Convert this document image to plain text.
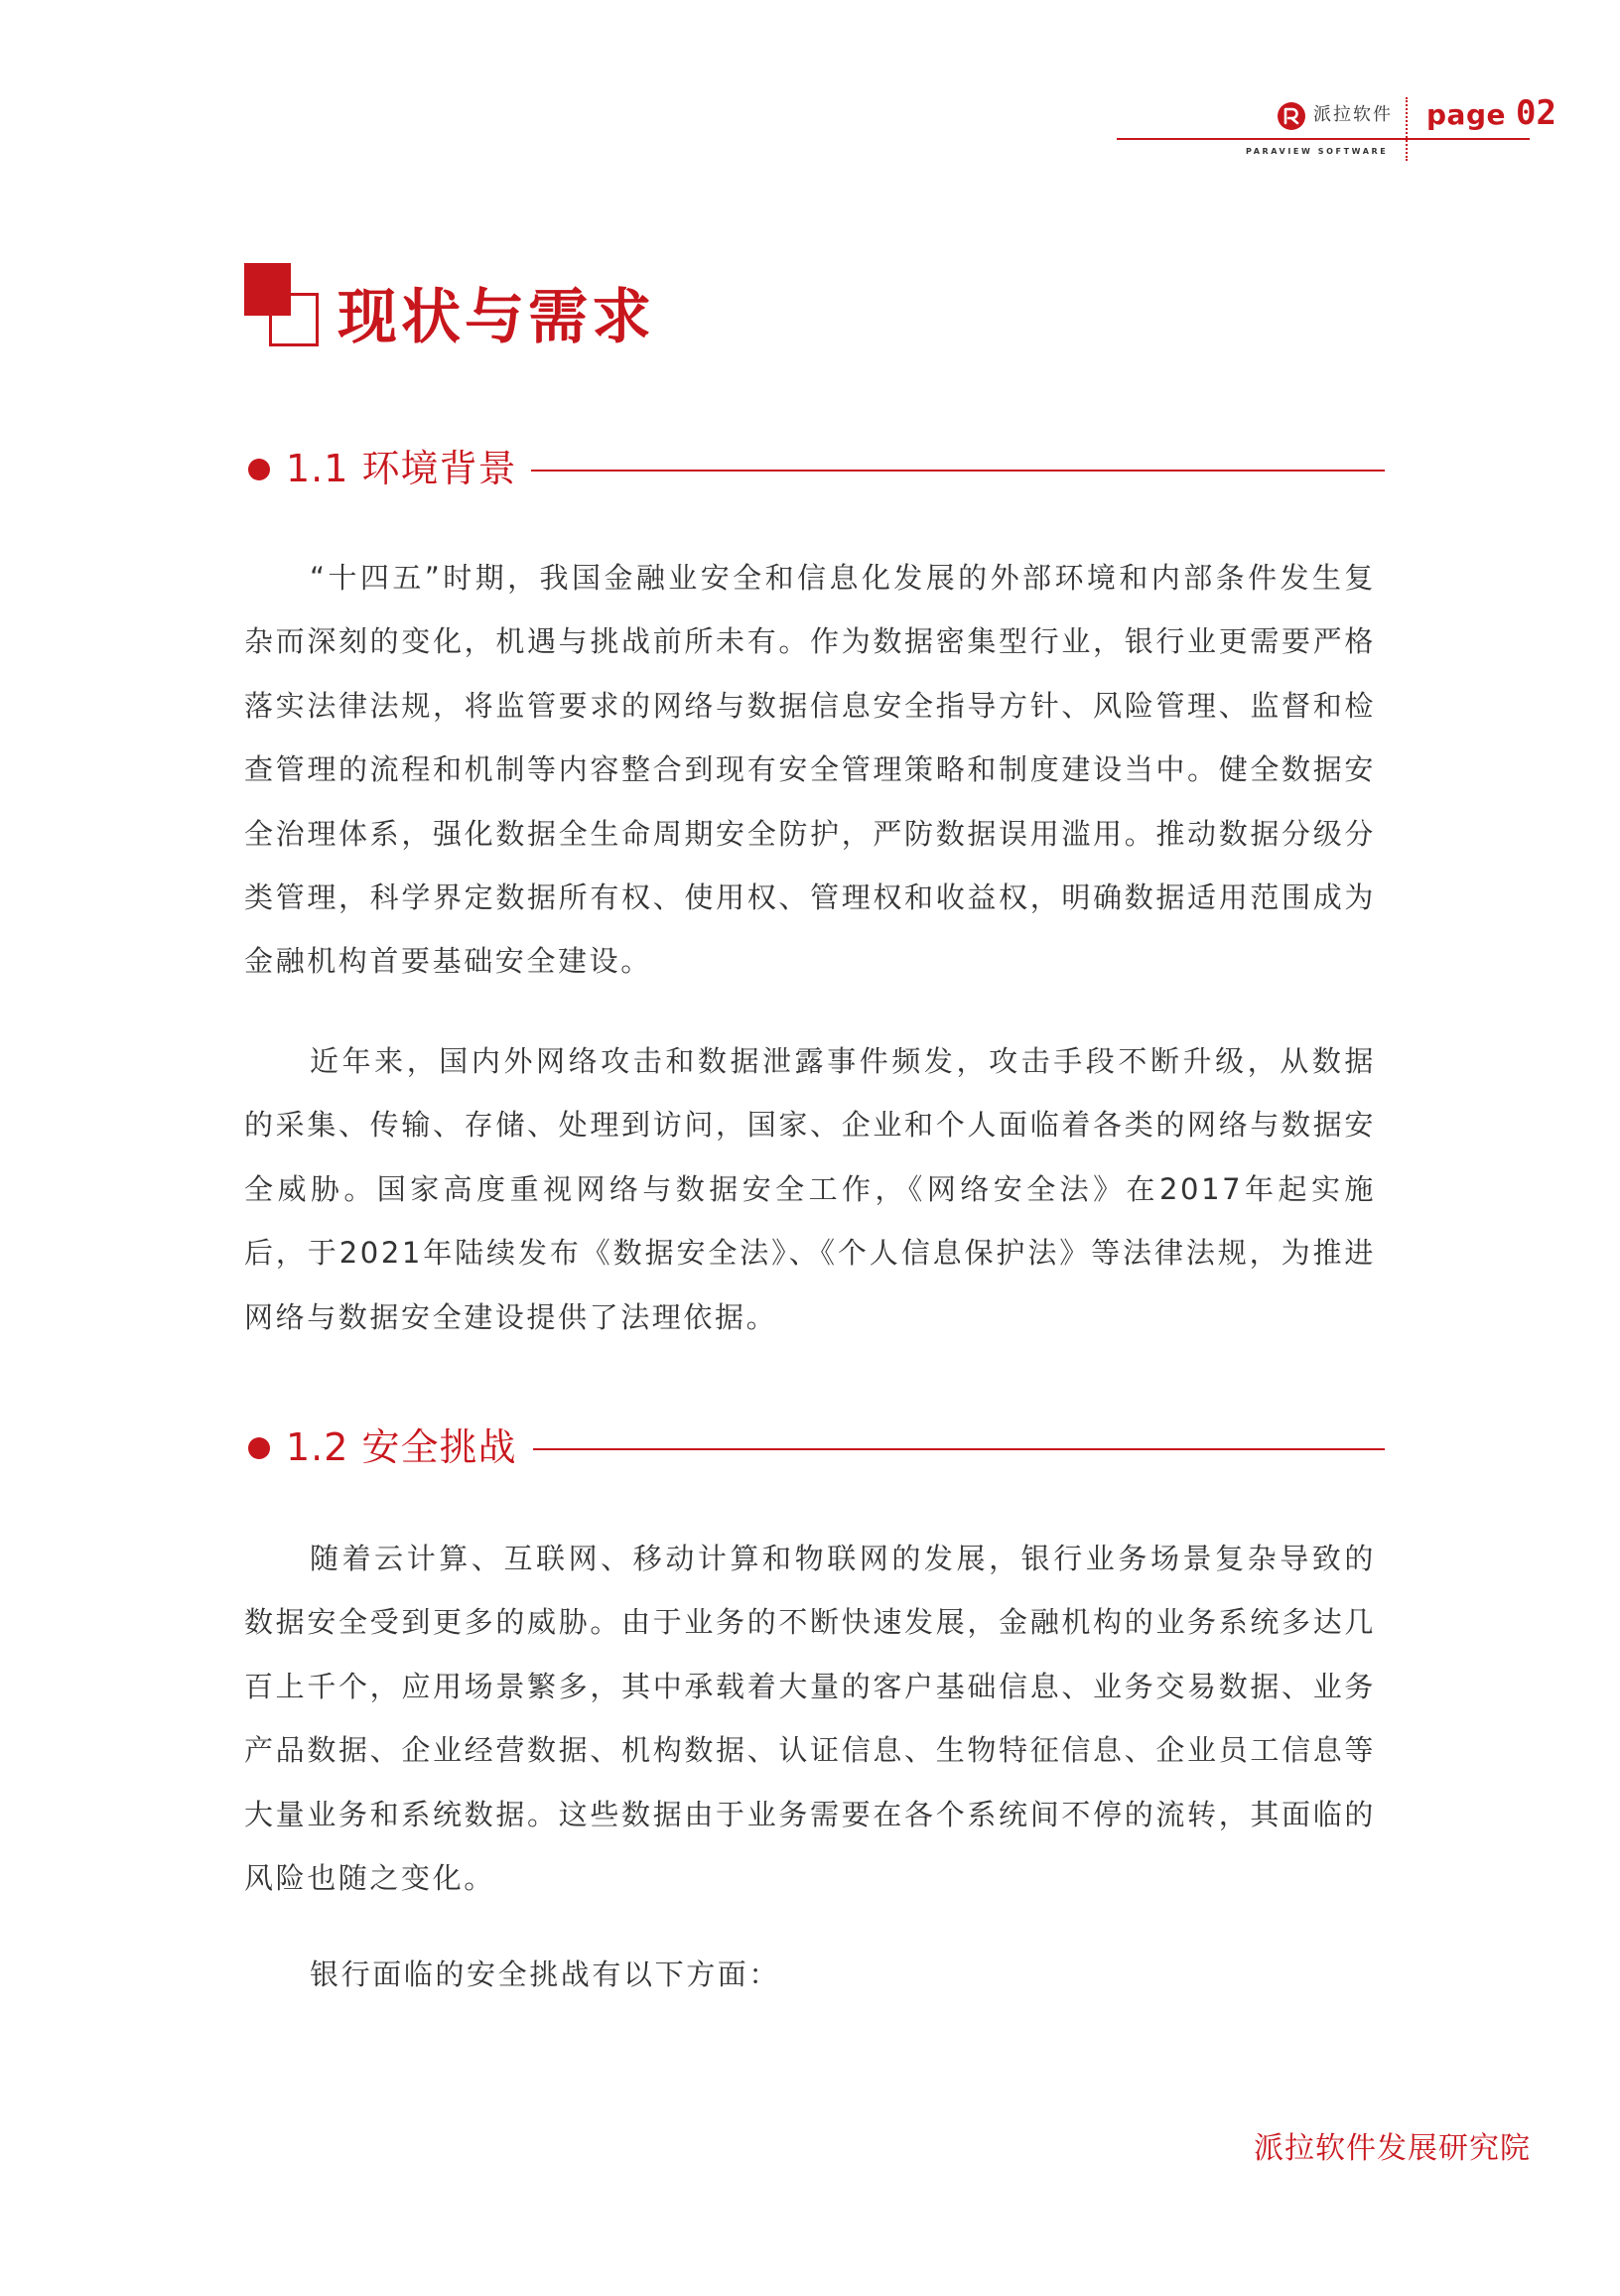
派拉软件 page 02
PARAVIEW SOFTWARE
现状与需求
1.1 环境背景
“十四五”时期，我国金融业安全和信息化发展的外部环境和内部条件发生复杂而深刻的变化，机遇与挑战前所未有。作为数据密集型行业，银行业更需要严格落实法律法规，将监管要求的网络与数据信息安全指导方针、风险管理、监督和检查管理的流程和机制等内容整合到现有安全管理策略和制度建设当中。健全数据安全治理体系，强化数据全生命周期安全防护，严防数据误用滥用。推动数据分级分类管理，科学界定数据所有权、使用权、管理权和收益权，明确数据适用范围成为金融机构首要基础安全建设。
近年来，国内外网络攻击和数据泄露事件频发，攻击手段不断升级，从数据的采集、传输、存储、处理到访问，国家、企业和个人面临着各类的网络与数据安全威胁。国家高度重视网络与数据安全工作，《网络安全法》在2017年起实施后，于2021年陆续发布《数据安全法》、《个人信息保护法》等法律法规，为推进网络与数据安全建设提供了法理依据。
1.2 安全挑战
随着云计算、互联网、移动计算和物联网的发展，银行业务场景复杂导致的数据安全受到更多的威胁。由于业务的不断快速发展，金融机构的业务系统多达几百上千个，应用场景繁多，其中承载着大量的客户基础信息、业务交易数据、业务产品数据、企业经营数据、机构数据、认证信息、生物特征信息、企业员工信息等大量业务和系统数据。这些数据由于业务需要在各个系统间不停的流转，其面临的风险也随之变化。
银行面临的安全挑战有以下方面：
派拉软件发展研究院
